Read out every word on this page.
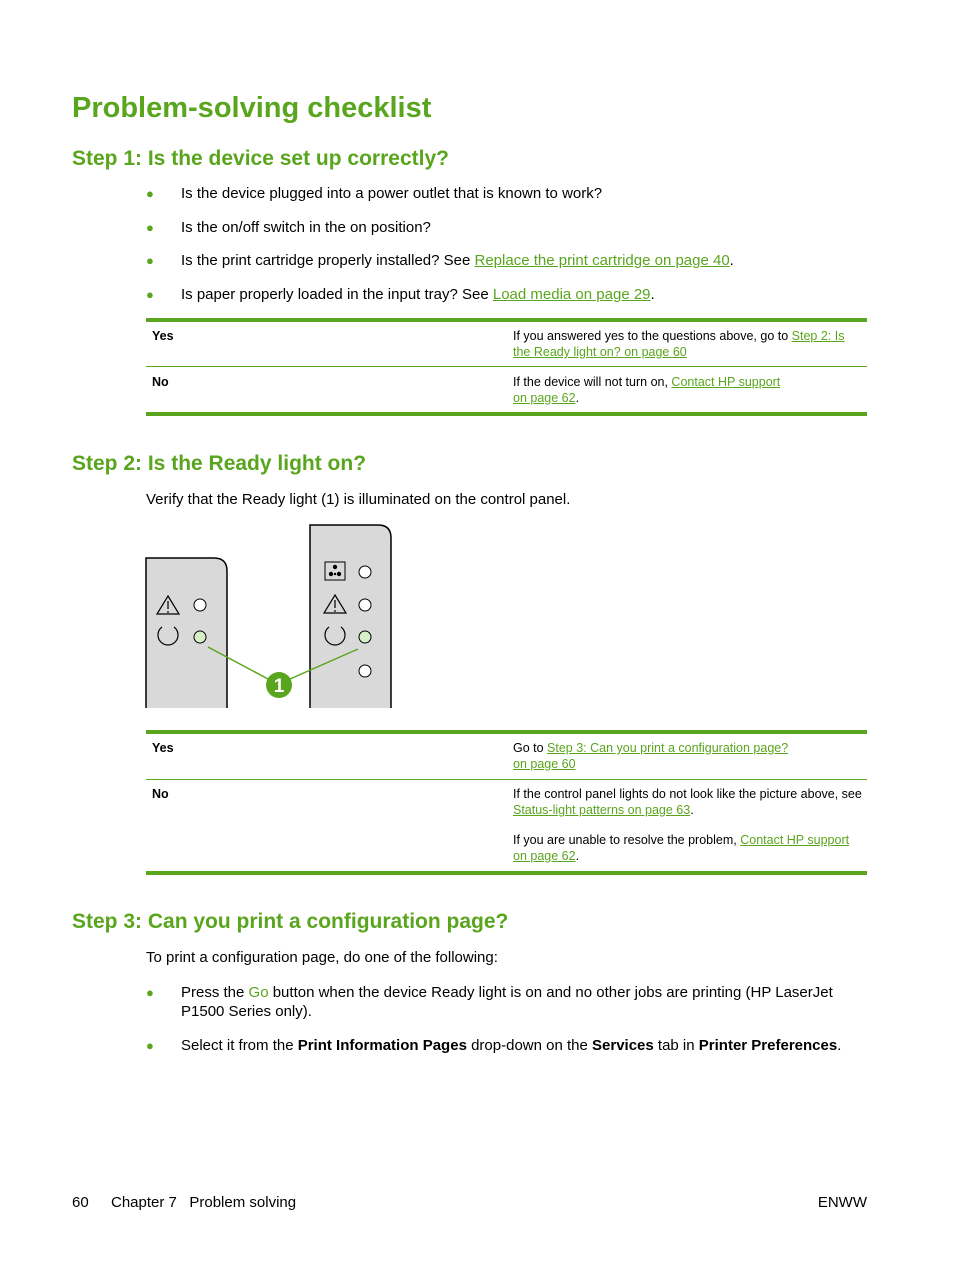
Problem-solving checklist
Step 1: Is the device set up correctly?
● Is the device plugged into a power outlet that is known to work?
● Is the on/off switch in the on position?
● Is the print cartridge properly installed? See Replace the print cartridge on page 40.
● Is paper properly loaded in the input tray? See Load media on page 29.
Yes	If you answered yes to the questions above, go to Step 2: Is the Ready light on? on page 60
No	If the device will not turn on, Contact HP support on page 62.
Step 2: Is the Ready light on?
Verify that the Ready light (1) is illuminated on the control panel.
1
Yes	Go to Step 3: Can you print a configuration page? on page 60
No	If the control panel lights do not look like the picture above, see Status-light patterns on page 63.
If you are unable to resolve the problem, Contact HP support on page 62.
Step 3: Can you print a configuration page?
To print a configuration page, do one of the following:
● Press the Go button when the device Ready light is on and no other jobs are printing (HP LaserJet P1500 Series only).
● Select it from the Print Information Pages drop-down on the Services tab in Printer Preferences.
60 Chapter 7   Problem solving	ENWW
